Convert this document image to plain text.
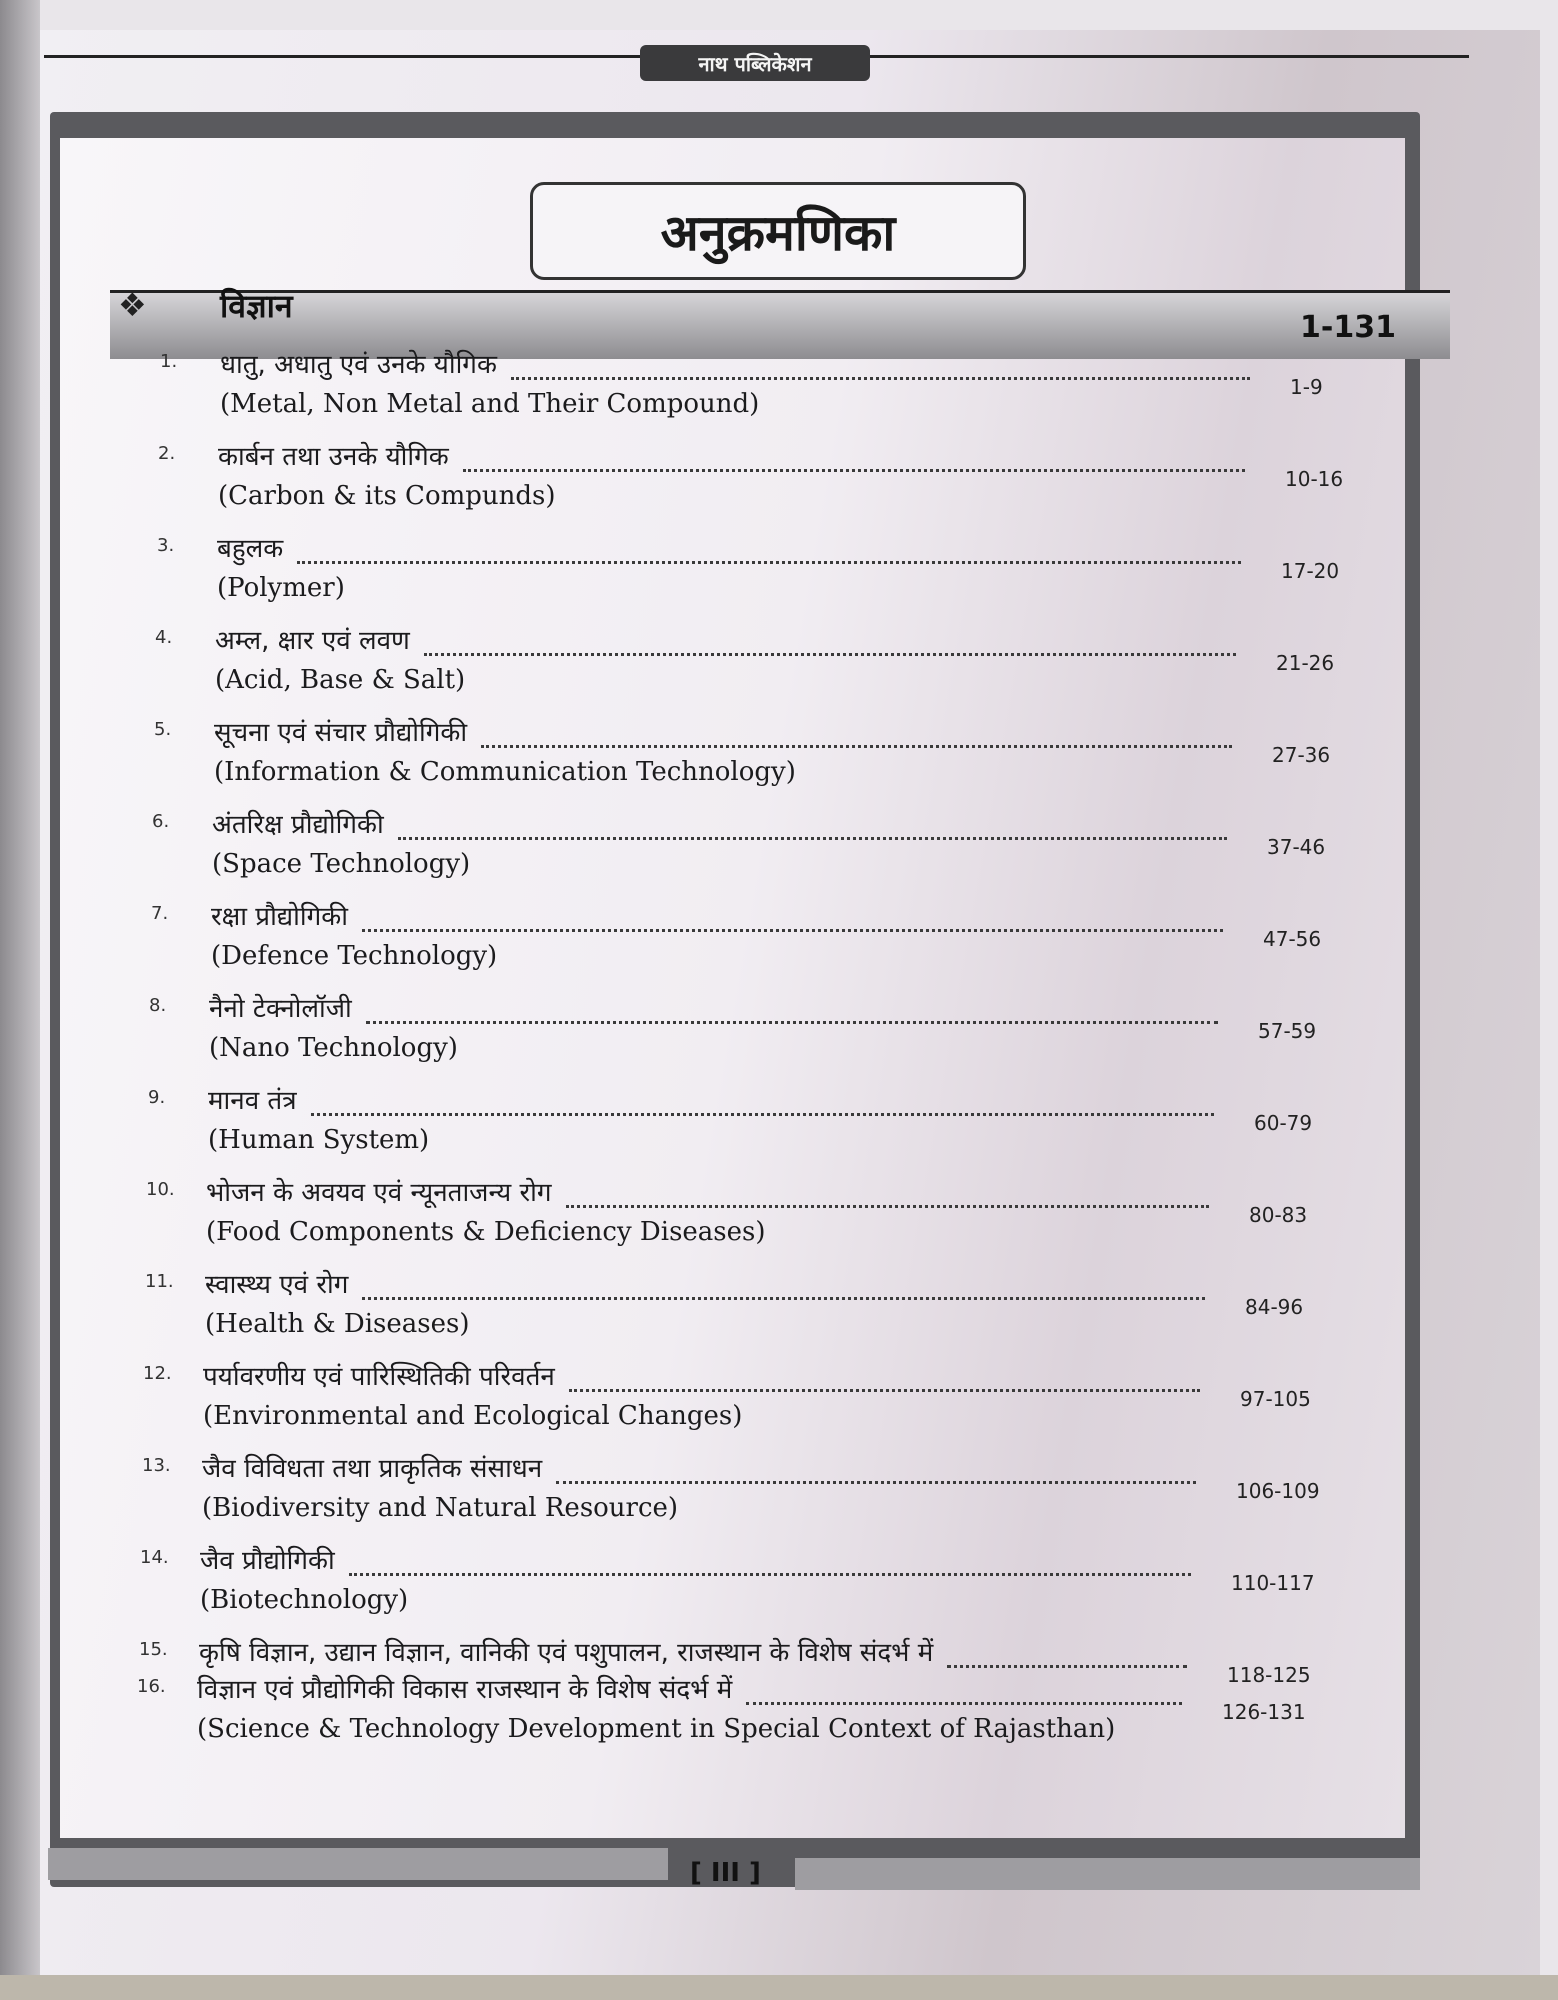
नाथ पब्लिकेशन
अनुक्रमणिका
❖ विज्ञान
1-131
1. धातु, अधातु एवं उनके यौगिक
(Metal, Non Metal and Their Compound)
1-9
2. कार्बन तथा उनके यौगिक
(Carbon & its Compunds)
10-16
3. बहुलक
(Polymer)
17-20
4. अम्ल, क्षार एवं लवण
(Acid, Base & Salt)
21-26
5. सूचना एवं संचार प्रौद्योगिकी
(Information & Communication Technology)
27-36
6. अंतरिक्ष प्रौद्योगिकी
(Space Technology)
37-46
7. रक्षा प्रौद्योगिकी
(Defence Technology)
47-56
8. नैनो टेक्नोलॉजी
(Nano Technology)
57-59
9. मानव तंत्र
(Human System)
60-79
10. भोजन के अवयव एवं न्यूनताजन्य रोग
(Food Components & Deficiency Diseases)
80-83
11. स्वास्थ्य एवं रोग
(Health & Diseases)
84-96
12. पर्यावरणीय एवं पारिस्थितिकी परिवर्तन
(Environmental and Ecological Changes)
97-105
13. जैव विविधता तथा प्राकृतिक संसाधन
(Biodiversity and Natural Resource)
106-109
14. जैव प्रौद्योगिकी
(Biotechnology)
110-117
15. कृषि विज्ञान, उद्यान विज्ञान, वानिकी एवं पशुपालन, राजस्थान के विशेष संदर्भ में
118-125
16. विज्ञान एवं प्रौद्योगिकी विकास राजस्थान के विशेष संदर्भ में
(Science & Technology Development in Special Context of Rajasthan)
126-131
[ III ]
